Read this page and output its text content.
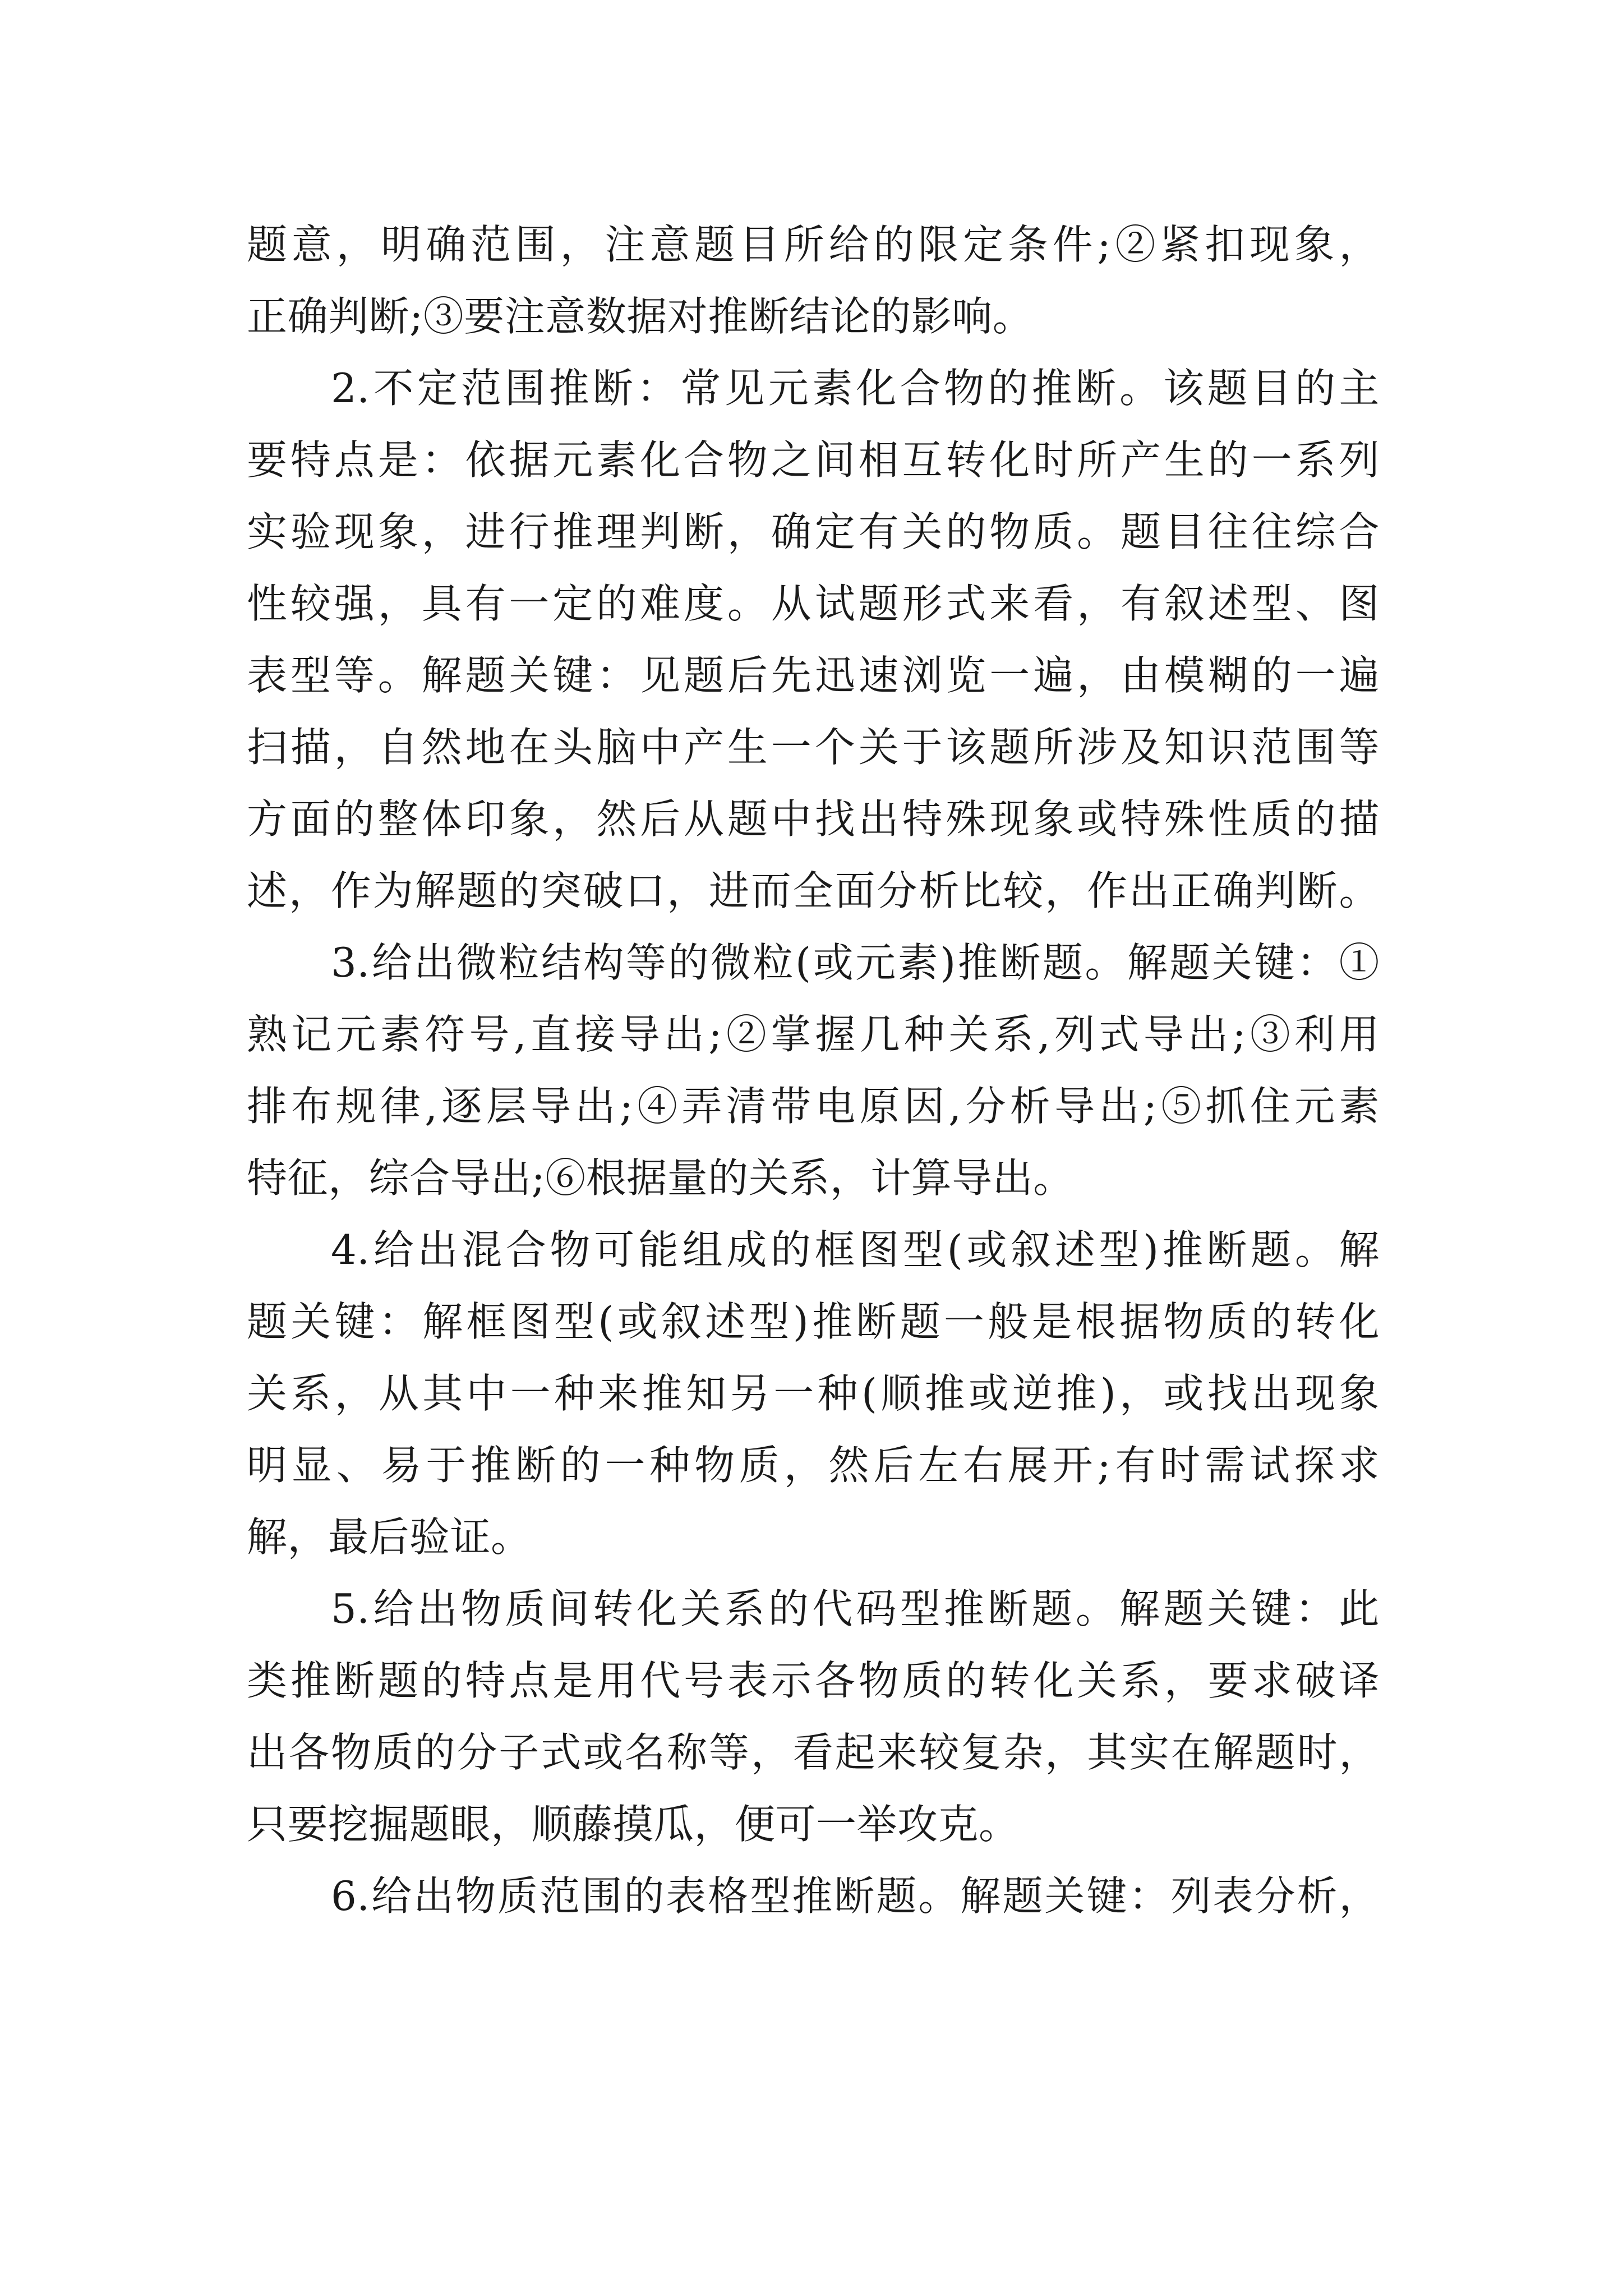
题意，明确范围，注意题目所给的限定条件;②紧扣现象，
正确判断;③要注意数据对推断结论的影响。

2.不定范围推断：常见元素化合物的推断。该题目的主
要特点是：依据元素化合物之间相互转化时所产生的一系列
实验现象，进行推理判断，确定有关的物质。题目往往综合
性较强，具有一定的难度。从试题形式来看，有叙述型、图
表型等。解题关键：见题后先迅速浏览一遍，由模糊的一遍
扫描，自然地在头脑中产生一个关于该题所涉及知识范围等
方面的整体印象，然后从题中找出特殊现象或特殊性质的描
述，作为解题的突破口，进而全面分析比较，作出正确判断。

3.给出微粒结构等的微粒(或元素)推断题。解题关键：①
熟记元素符号,直接导出;②掌握几种关系,列式导出;③利用
排布规律,逐层导出;④弄清带电原因,分析导出;⑤抓住元素
特征，综合导出;⑥根据量的关系，计算导出。

4.给出混合物可能组成的框图型(或叙述型)推断题。解
题关键：解框图型(或叙述型)推断题一般是根据物质的转化
关系，从其中一种来推知另一种(顺推或逆推)，或找出现象
明显、易于推断的一种物质，然后左右展开;有时需试探求
解，最后验证。

5.给出物质间转化关系的代码型推断题。解题关键：此
类推断题的特点是用代号表示各物质的转化关系，要求破译
出各物质的分子式或名称等，看起来较复杂，其实在解题时，
只要挖掘题眼，顺藤摸瓜，便可一举攻克。

6.给出物质范围的表格型推断题。解题关键：列表分析，
